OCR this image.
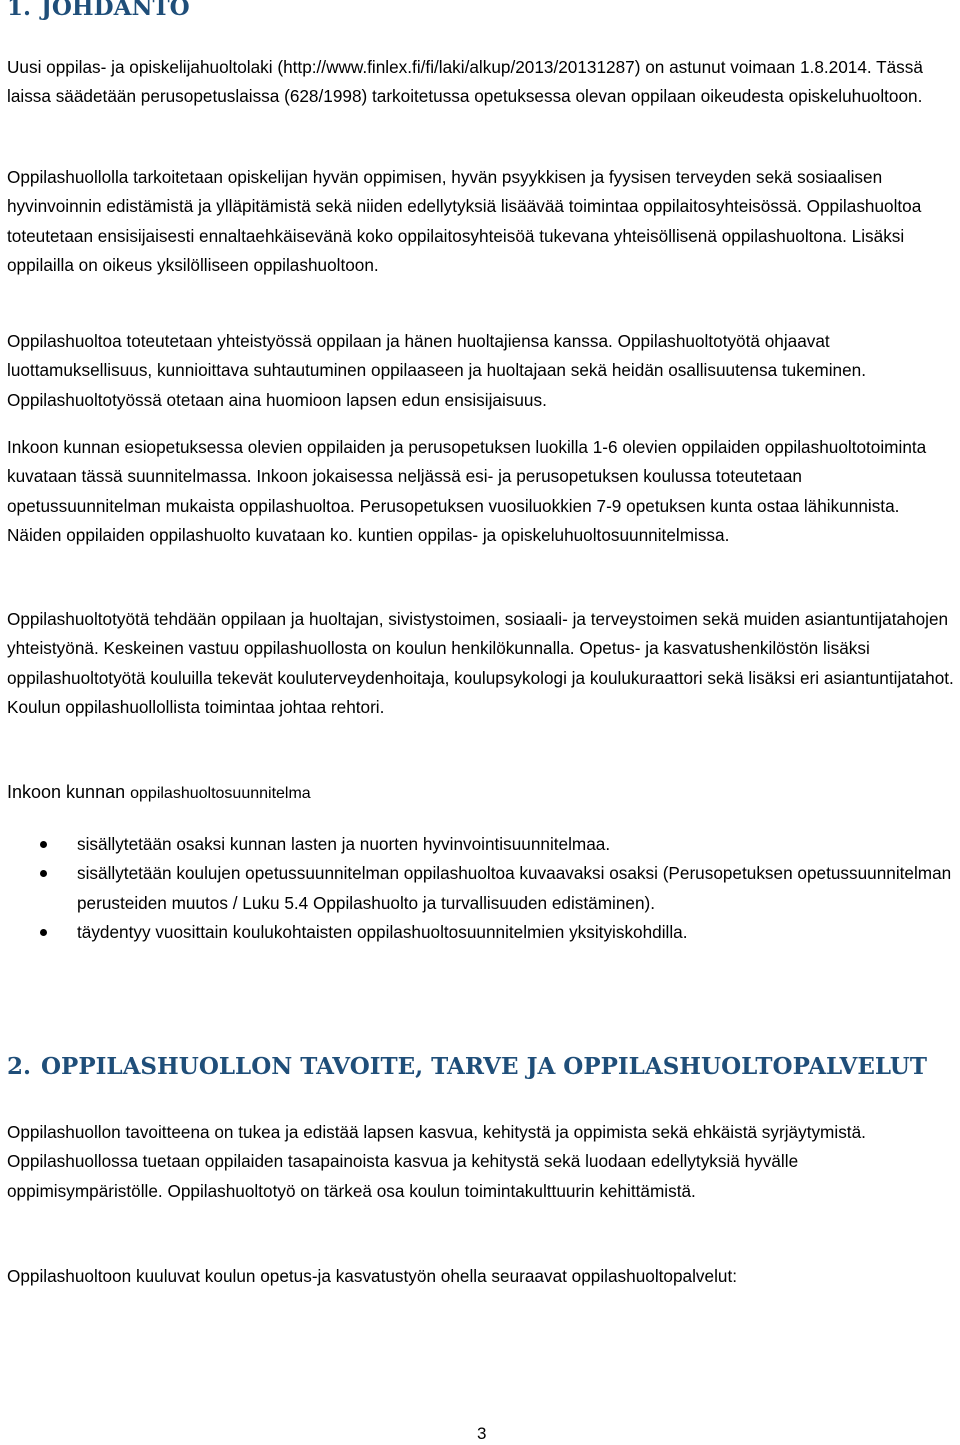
1. JOHDANTO

Uusi oppilas- ja opiskelijahuoltolaki (http://www.finlex.fi/fi/laki/alkup/2013/20131287) on astunut voimaan 1.8.2014. Tässä laissa säädetään perusopetuslaissa (628/1998) tarkoitetussa opetuksessa olevan oppilaan oikeudesta opiskeluhuoltoon.

Oppilashuollolla tarkoitetaan opiskelijan hyvän oppimisen, hyvän psyykkisen ja fyysisen terveyden sekä sosiaalisen hyvinvoinnin edistämistä ja ylläpitämistä sekä niiden edellytyksiä lisäävää toimintaa oppilaitosyhteisössä. Oppilashuoltoa toteutetaan ensisijaisesti ennaltaehkäisevänä koko oppilaitosyhteisöä tukevana yhteisöllisenä oppilashuoltona. Lisäksi oppilailla on oikeus yksilölliseen oppilashuoltoon.

Oppilashuoltoa toteutetaan yhteistyössä oppilaan ja hänen huoltajiensa kanssa. Oppilashuoltotyötä ohjaavat luottamuksellisuus, kunnioittava suhtautuminen oppilaaseen ja huoltajaan sekä heidän osallisuutensa tukeminen. Oppilashuoltotyössä otetaan aina huomioon lapsen edun ensisijaisuus.

Inkoon kunnan esiopetuksessa olevien oppilaiden ja perusopetuksen luokilla 1-6 olevien oppilaiden oppilashuoltotoiminta kuvataan tässä suunnitelmassa. Inkoon jokaisessa neljässä esi- ja perusopetuksen koulussa toteutetaan opetussuunnitelman mukaista oppilashuoltoa. Perusopetuksen vuosiluokkien 7-9 opetuksen kunta ostaa lähikunnista. Näiden oppilaiden oppilashuolto kuvataan ko. kuntien oppilas- ja opiskeluhuoltosuunnitelmissa.

Oppilashuoltotyötä tehdään oppilaan ja huoltajan, sivistystoimen, sosiaali- ja terveystoimen sekä muiden asiantuntijatahojen yhteistyönä. Keskeinen vastuu oppilashuollosta on koulun henkilökunnalla. Opetus- ja kasvatushenkilöstön lisäksi oppilashuoltotyötä kouluilla tekevät kouluterveydenhoitaja, koulupsykologi ja koulukuraattori sekä lisäksi eri asiantuntijatahot. Koulun oppilashuollollista toimintaa johtaa rehtori.

Inkoon kunnan oppilashuoltosuunnitelma
sisällytetään osaksi kunnan lasten ja nuorten hyvinvointisuunnitelmaa.
sisällytetään koulujen opetussuunnitelman oppilashuoltoa kuvaavaksi osaksi (Perusopetuksen opetussuunnitelman perusteiden muutos / Luku 5.4 Oppilashuolto ja turvallisuuden edistäminen).
täydentyy vuosittain koulukohtaisten oppilashuoltosuunnitelmien yksityiskohdilla.
2. OPPILASHUOLLON TAVOITE, TARVE JA OPPILASHUOLTOPALVELUT

Oppilashuollon tavoitteena on tukea ja edistää lapsen kasvua, kehitystä ja oppimista sekä ehkäistä syrjäytymistä. Oppilashuollossa tuetaan oppilaiden tasapainoista kasvua ja kehitystä sekä luodaan edellytyksiä hyvälle oppimisympäristölle. Oppilashuoltotyö on tärkeä osa koulun toimintakulttuurin kehittämistä.

Oppilashuoltoon kuuluvat koulun opetus-ja kasvatustyön ohella seuraavat oppilashuoltopalvelut:

3
